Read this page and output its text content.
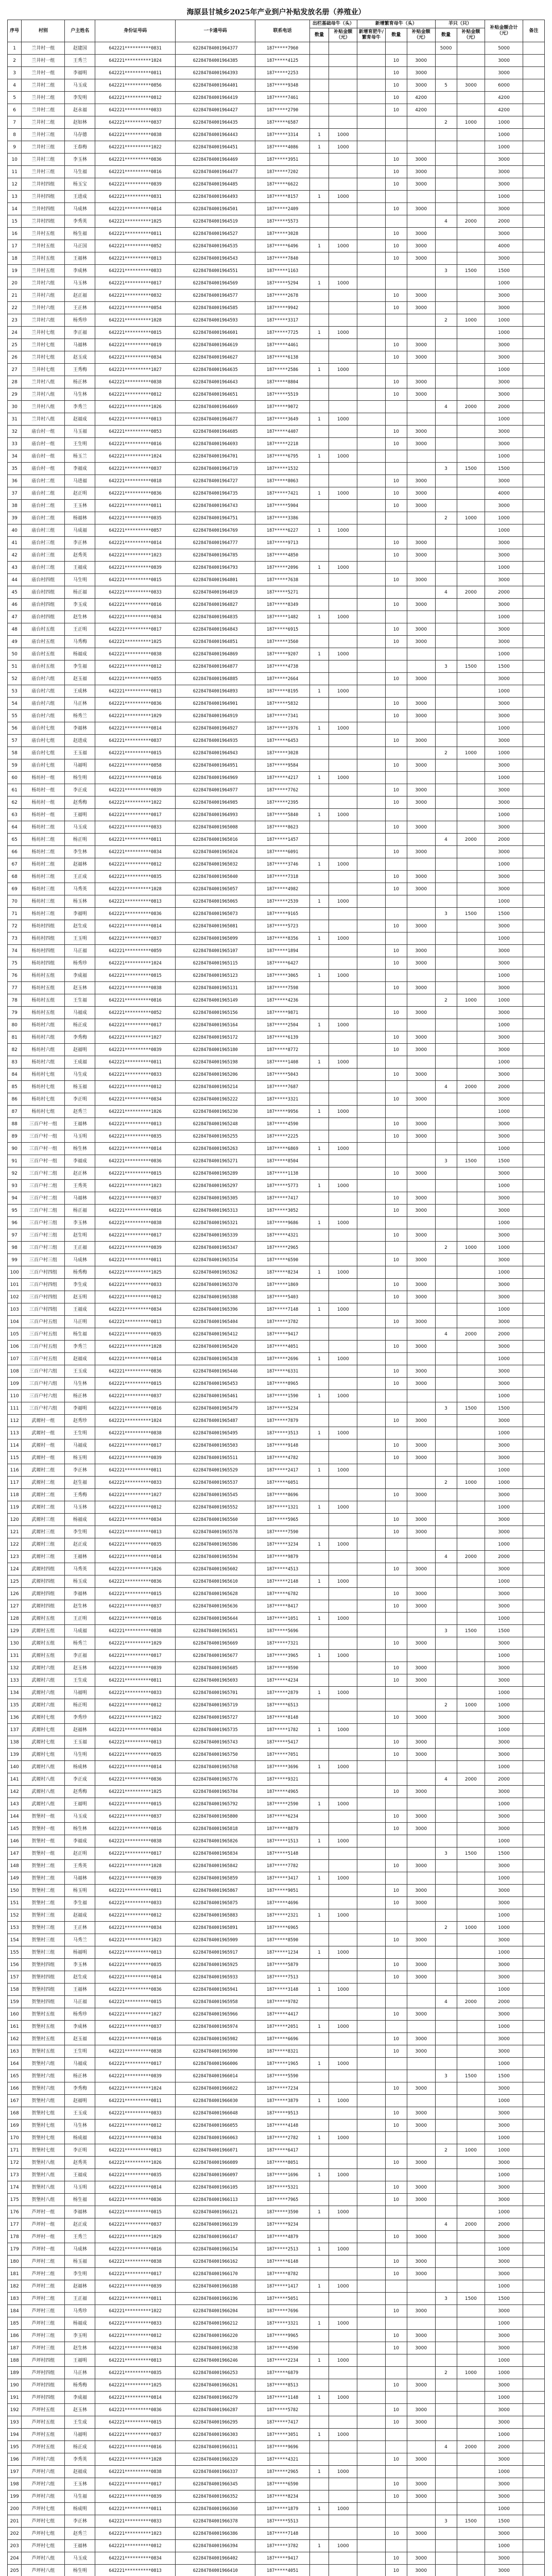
海原县甘城乡2025年产业到户补贴发放名册（养殖业）
序号	村别	户主姓名	身份证号码	一卡通号码	联系电话	出栏基础母牛（头）		新增繁育母牛（头）			羊只（只）		补贴金额合计（元）	备注
						数量	补贴金额（元）	新增育肥牛/繁育母牛	数量	补贴金额（元）	数量	补贴金额（元）		
1	兰井村一组	赵建国	642221**********0831	62284784001964377	187*****7960						5000		5000	
2	兰井村一组	王秀兰	642221**********1024	62284784001964385	187*****4125				10	3000			3000	
3	兰井村一组	李福明	642221**********0811	62284784001964393	187*****2253				10	3000			3000	
4	兰井村二组	马玉成	642221**********0856	62284784001964401	187*****9348				10	3000	5	3000	6000	
5	兰井村二组	李发明	642221**********0812	62284784001964419	187*****7461				10	4200			4200	
6	兰井村二组	赵永福	642221**********0833	62284784001964427	187*****2790				10	4200			4200	
7	兰井村二组	赵如林	642221**********0837	62284784001964435	187*****6587						2	1000	1000	
8	兰井村三组	马存德	642221**********0838	62284784001964443	187*****3314	1	1000						1000	
9	兰井村三组	王春梅	642221**********1022	62284784001964451	187*****4086	1	1000						1000	
10	兰井村三组	李玉林	642221**********0836	62284784001964469	187*****3951				10	3000			3000	
11	兰井村三组	马生福	642221**********0816	62284784001964477	187*****7202				10	3000			3000	
12	兰井村四组	杨玉宝	642221**********0839	62284784001964485	187*****6622				10	3000			3000	
13	兰井村四组	王进成	642221**********0831	62284784001964493	187*****8157	1	1000						1000	
14	兰井村四组	马成林	642221**********0814	62284784001964501	187*****2409				10	3000			3000	
15	兰井村四组	李秀英	642221**********1025	62284784001964519	187*****5573						4	2000	2000	
16	兰井村五组	杨生福	642221**********0811	62284784001964527	187*****3028				10	3000			3000	
17	兰井村五组	马正国	642221**********0852	62284784001964535	187*****6496	1	1000		10	3000			4000	
18	兰井村五组	王福林	642221**********0813	62284784001964543	187*****7840				10	3000			3000	
19	兰井村五组	李成林	642221**********0833	62284784001964551	187*****1163						3	1500	1500	
20	兰井村六组	马玉林	642221**********0817	62284784001964569	187*****5294	1	1000						1000	
21	兰井村六组	赵正福	642221**********0832	62284784001964577	187*****2678				10	3000			3000	
22	兰井村六组	王正林	642221**********0854	62284784001964585	187*****9942				10	3000			3000	
23	兰井村六组	杨秀珍	642221**********1028	62284784001964593	187*****3317						2	1000	1000	
24	兰井村七组	李正福	642221**********0815	62284784001964601	187*****7725	1	1000						1000	
25	兰井村七组	马福林	642221**********0819	62284784001964619	187*****4461				10	3000			3000	
26	兰井村七组	赵玉成	642221**********0834	62284784001964627	187*****6138				10	3000			3000	
27	兰井村七组	王秀梅	642221**********1027	62284784001964635	187*****2586	1	1000						1000	
28	兰井村八组	杨正林	642221**********0838	62284784001964643	187*****8804				10	3000			3000	
29	兰井村八组	马生林	642221**********0812	62284784001964651	187*****5519				10	3000			3000	
30	兰井村八组	李秀兰	642221**********1026	62284784001964669	187*****9072						4	2000	2000	
31	兰井村八组	赵福成	642221**********0813	62284784001964677	187*****3649	1	1000						1000	
32	庙台村一组	马玉福	642221**********0853	62284784001964685	187*****4407				10	3000			3000	
33	庙台村一组	王生明	642221**********0816	62284784001964693	187*****2218				10	3000			3000	
34	庙台村一组	杨玉兰	642221**********1024	62284784001964701	187*****6795	1	1000						1000	
35	庙台村一组	李福成	642221**********0837	62284784001964719	187*****1532						3	1500	1500	
36	庙台村二组	马进福	642221**********0818	62284784001964727	187*****8063				10	3000			3000	
37	庙台村二组	赵正明	642221**********0836	62284784001964735	187*****7421	1	1000		10	3000			4000	
38	庙台村二组	王玉林	642221**********0811	62284784001964743	187*****5904				10	3000			3000	
39	庙台村二组	杨福林	642221**********0835	62284784001964751	187*****3386						2	1000	1000	
40	庙台村三组	马成福	642221**********0857	62284784001964769	187*****6227	1	1000						1000	
41	庙台村三组	李正林	642221**********0814	62284784001964777	187*****9713				10	3000			3000	
42	庙台村三组	赵秀英	642221**********1023	62284784001964785	187*****4850				10	3000			3000	
43	庙台村三组	王福成	642221**********0839	62284784001964793	187*****2096	1	1000						1000	
44	庙台村四组	马生明	642221**********0815	62284784001964801	187*****7638				10	3000			3000	
45	庙台村四组	杨正福	642221**********0833	62284784001964819	187*****5271						4	2000	2000	
46	庙台村四组	李玉成	642221**********0816	62284784001964827	187*****8349				10	3000			3000	
47	庙台村四组	赵生林	642221**********0834	62284784001964835	187*****1482	1	1000						1000	
48	庙台村五组	王正明	642221**********0817	62284784001964843	187*****6915				10	3000			3000	
49	庙台村五组	马秀梅	642221**********1025	62284784001964851	187*****3560				10	3000			3000	
50	庙台村五组	杨福成	642221**********0838	62284784001964869	187*****9207	1	1000						1000	
51	庙台村五组	李生福	642221**********0812	62284784001964877	187*****4738						3	1500	1500	
52	庙台村六组	赵玉福	642221**********0855	62284784001964885	187*****2664				10	3000			3000	
53	庙台村六组	王成林	642221**********0813	62284784001964893	187*****8195	1	1000						1000	
54	庙台村六组	马正林	642221**********0836	62284784001964901	187*****5832				10	3000			3000	
55	庙台村六组	杨秀兰	642221**********1029	62284784001964919	187*****7341				10	3000			3000	
56	庙台村七组	李福林	642221**********0814	62284784001964927	187*****1976	1	1000						1000	
57	庙台村七组	赵进成	642221**********0837	62284784001964935	187*****6453				10	3000			3000	
58	庙台村七组	王玉福	642221**********0815	62284784001964943	187*****3028						2	1000	1000	
59	庙台村七组	马福明	642221**********0858	62284784001964951	187*****9584				10	3000			3000	
60	杨坊村一组	杨生明	642221**********0816	62284784001964969	187*****4217	1	1000						1000	
61	杨坊村一组	李正成	642221**********0839	62284784001964977	187*****7762				10	3000			3000	
62	杨坊村一组	赵秀梅	642221**********1022	62284784001964985	187*****2395				10	3000			3000	
63	杨坊村一组	王福明	642221**********0817	62284784001964993	187*****5840	1	1000						1000	
64	杨坊村二组	马玉成	642221**********0833	62284784001965008	187*****8623				10	3000			3000	
65	杨坊村二组	杨正明	642221**********0811	62284784001965016	187*****1457						4	2000	2000	
66	杨坊村二组	李生林	642221**********0834	62284784001965024	187*****6091				10	3000			3000	
67	杨坊村二组	赵福林	642221**********0812	62284784001965032	187*****3746	1	1000						1000	
68	杨坊村三组	王正成	642221**********0835	62284784001965040	187*****7318				10	3000			3000	
69	杨坊村三组	马秀英	642221**********1028	62284784001965057	187*****4982				10	3000			3000	
70	杨坊村三组	杨玉林	642221**********0813	62284784001965065	187*****2539	1	1000						1000	
71	杨坊村三组	李福明	642221**********0836	62284784001965073	187*****9165						3	1500	1500	
72	杨坊村四组	赵生成	642221**********0814	62284784001965081	187*****5723				10	3000			3000	
73	杨坊村四组	王玉明	642221**********0837	62284784001965099	187*****8356	1	1000						1000	
74	杨坊村四组	马正福	642221**********0859	62284784001965107	187*****1894				10	3000			3000	
75	杨坊村四组	杨秀珍	642221**********1024	62284784001965115	187*****6427				10	3000			3000	
76	杨坊村五组	李成福	642221**********0815	62284784001965123	187*****3065	1	1000						1000	
77	杨坊村五组	赵玉林	642221**********0838	62284784001965131	187*****7598				10	3000			3000	
78	杨坊村五组	王生福	642221**********0816	62284784001965149	187*****4236						2	1000	1000	
79	杨坊村五组	马福成	642221**********0852	62284784001965156	187*****9871				10	3000			3000	
80	杨坊村六组	杨正成	642221**********0817	62284784001965164	187*****2504	1	1000						1000	
81	杨坊村六组	李秀梅	642221**********1027	62284784001965172	187*****6139				10	3000			3000	
82	杨坊村六组	赵福明	642221**********0839	62284784001965180	187*****8772				10	3000			3000	
83	杨坊村六组	王成福	642221**********0811	62284784001965198	187*****1408	1	1000						1000	
84	杨坊村七组	马生成	642221**********0833	62284784001965206	187*****5043				10	3000			3000	
85	杨坊村七组	杨玉福	642221**********0812	62284784001965214	187*****7687						4	2000	2000	
86	杨坊村七组	李正明	642221**********0834	62284784001965222	187*****3321				10	3000			3000	
87	杨坊村七组	赵秀兰	642221**********1026	62284784001965230	187*****9956	1	1000						1000	
88	三百户村一组	王福林	642221**********0813	62284784001965248	187*****4590				10	3000			3000	
89	三百户村一组	马玉明	642221**********0835	62284784001965255	187*****2225				10	3000			3000	
90	三百户村一组	杨生林	642221**********0814	62284784001965263	187*****6869	1	1000						1000	
91	三百户村一组	李福成	642221**********0836	62284784001965271	187*****8504						3	1500	1500	
92	三百户村二组	赵正林	642221**********0815	62284784001965289	187*****1138				10	3000			3000	
93	三百户村二组	王秀英	642221**********1023	62284784001965297	187*****5773	1	1000						1000	
94	三百户村二组	马福林	642221**********0837	62284784001965305	187*****7417				10	3000			3000	
95	三百户村二组	杨正福	642221**********0816	62284784001965313	187*****3052				10	3000			3000	
96	三百户村三组	李玉林	642221**********0838	62284784001965321	187*****9686	1	1000						1000	
97	三百户村三组	赵生明	642221**********0817	62284784001965339	187*****4321				10	3000			3000	
98	三百户村三组	王正福	642221**********0839	62284784001965347	187*****2965						2	1000	1000	
99	三百户村三组	马成林	642221**********0811	62284784001965354	187*****6590				10	3000			3000	
100	三百户村四组	杨秀梅	642221**********1025	62284784001965362	187*****8234	1	1000						1000	
101	三百户村四组	李生成	642221**********0833	62284784001965370	187*****1869				10	3000			3000	
102	三百户村四组	赵玉明	642221**********0812	62284784001965388	187*****5403				10	3000			3000	
103	三百户村四组	王福成	642221**********0834	62284784001965396	187*****7148	1	1000						1000	
104	三百户村五组	马正明	642221**********0813	62284784001965404	187*****3782				10	3000			3000	
105	三百户村五组	杨生福	642221**********0835	62284784001965412	187*****9417						4	2000	2000	
106	三百户村五组	李秀兰	642221**********1028	62284784001965420	187*****4051				10	3000			3000	
107	三百户村五组	赵福成	642221**********0814	62284784001965438	187*****2696	1	1000						1000	
108	三百户村六组	王玉成	642221**********0836	62284784001965446	187*****6331				10	3000			3000	
109	三百户村六组	马生林	642221**********0815	62284784001965453	187*****8965				10	3000			3000	
110	三百户村六组	杨正林	642221**********0837	62284784001965461	187*****1590	1	1000						1000	
111	三百户村六组	李福明	642221**********0816	62284784001965479	187*****5234						3	1500	1500	
112	武塬村一组	赵秀珍	642221**********1024	62284784001965487	187*****7879				10	3000			3000	
113	武塬村一组	王生明	642221**********0838	62284784001965495	187*****3513	1	1000						1000	
114	武塬村一组	马福成	642221**********0817	62284784001965503	187*****9148				10	3000			3000	
115	武塬村一组	杨玉明	642221**********0839	62284784001965511	187*****4782				10	3000			3000	
116	武塬村二组	李正林	642221**********0811	62284784001965529	187*****2417	1	1000						1000	
117	武塬村二组	赵生福	642221**********0833	62284784001965537	187*****6051						2	1000	1000	
118	武塬村二组	王秀梅	642221**********1027	62284784001965545	187*****8696				10	3000			3000	
119	武塬村二组	马玉林	642221**********0812	62284784001965552	187*****1321	1	1000						1000	
120	武塬村三组	杨福成	642221**********0834	62284784001965560	187*****5965				10	3000			3000	
121	武塬村三组	李生明	642221**********0813	62284784001965578	187*****7590				10	3000			3000	
122	武塬村三组	赵正成	642221**********0835	62284784001965586	187*****3234	1	1000						1000	
123	武塬村三组	王福林	642221**********0814	62284784001965594	187*****9879						4	2000	2000	
124	武塬村四组	马秀英	642221**********1026	62284784001965602	187*****4513				10	3000			3000	
125	武塬村四组	杨玉成	642221**********0836	62284784001965610	187*****2148	1	1000						1000	
126	武塬村四组	李福林	642221**********0815	62284784001965628	187*****6782				10	3000			3000	
127	武塬村四组	赵生林	642221**********0837	62284784001965636	187*****8417				10	3000			3000	
128	武塬村五组	王正明	642221**********0816	62284784001965644	187*****1051	1	1000						1000	
129	武塬村五组	马成福	642221**********0838	62284784001965651	187*****5696						3	1500	1500	
130	武塬村五组	杨秀兰	642221**********1029	62284784001965669	187*****7321				10	3000			3000	
131	武塬村五组	李正福	642221**********0817	62284784001965677	187*****3965	1	1000						1000	
132	武塬村六组	赵玉林	642221**********0839	62284784001965685	187*****9590				10	3000			3000	
133	武塬村六组	王生成	642221**********0811	62284784001965693	187*****4234				10	3000			3000	
134	武塬村六组	马福明	642221**********0833	62284784001965701	187*****2879	1	1000						1000	
135	武塬村六组	杨正明	642221**********0812	62284784001965719	187*****6513						2	1000	1000	
136	武塬村七组	李秀珍	642221**********1022	62284784001965727	187*****8148				10	3000			3000	
137	武塬村七组	赵福林	642221**********0834	62284784001965735	187*****1782	1	1000						1000	
138	武塬村七组	王玉福	642221**********0813	62284784001965743	187*****5417				10	3000			3000	
139	武塬村七组	马生明	642221**********0835	62284784001965750	187*****7051				10	3000			3000	
140	武塬村八组	杨成林	642221**********0814	62284784001965768	187*****3696	1	1000						1000	
141	武塬村八组	李正成	642221**********0836	62284784001965776	187*****9321						4	2000	2000	
142	武塬村八组	赵秀梅	642221**********1025	62284784001965784	187*****4965				10	3000			3000	
143	武塬村八组	王福明	642221**********0815	62284784001965792	187*****2590	1	1000						1000	
144	贺堡村一组	马玉成	642221**********0837	62284784001965800	187*****6234				10	3000			3000	
145	贺堡村一组	杨生林	642221**********0816	62284784001965818	187*****8879				10	3000			3000	
146	贺堡村一组	李福成	642221**********0838	62284784001965826	187*****1513	1	1000						1000	
147	贺堡村一组	赵正明	642221**********0817	62284784001965834	187*****5148						3	1500	1500	
148	贺堡村二组	王秀英	642221**********1028	62284784001965842	187*****7782				10	3000			3000	
149	贺堡村二组	马福林	642221**********0839	62284784001965859	187*****3417	1	1000						1000	
150	贺堡村二组	杨玉明	642221**********0811	62284784001965867	187*****9051				10	3000			3000	
151	贺堡村二组	李生福	642221**********0833	62284784001965875	187*****4696				10	3000			3000	
152	贺堡村三组	赵福成	642221**********0812	62284784001965883	187*****2321	1	1000						1000	
153	贺堡村三组	王正林	642221**********0834	62284784001965891	187*****6965						2	1000	1000	
154	贺堡村三组	马秀兰	642221**********1023	62284784001965909	187*****8590				10	3000			3000	
155	贺堡村三组	杨福明	642221**********0813	62284784001965917	187*****1234	1	1000						1000	
156	贺堡村四组	李玉林	642221**********0835	62284784001965925	187*****5879				10	3000			3000	
157	贺堡村四组	赵生成	642221**********0814	62284784001965933	187*****7513				10	3000			3000	
158	贺堡村四组	王福林	642221**********0836	62284784001965941	187*****3148	1	1000						1000	
159	贺堡村四组	马正福	642221**********0815	62284784001965958	187*****9782						4	2000	2000	
160	贺堡村五组	杨秀珍	642221**********1027	62284784001965966	187*****4417				10	3000			3000	
161	贺堡村五组	李成林	642221**********0837	62284784001965974	187*****2051	1	1000						1000	
162	贺堡村五组	赵玉福	642221**********0816	62284784001965982	187*****6696				10	3000			3000	
163	贺堡村五组	王生明	642221**********0838	62284784001965990	187*****8321				10	3000			3000	
164	贺堡村六组	马福成	642221**********0817	62284784001966006	187*****1965	1	1000						1000	
165	贺堡村六组	杨正林	642221**********0839	62284784001966014	187*****5590						3	1500	1500	
166	贺堡村六组	李秀梅	642221**********1024	62284784001966022	187*****7234				10	3000			3000	
167	贺堡村六组	赵福明	642221**********0811	62284784001966030	187*****3879	1	1000						1000	
168	贺堡村七组	王玉成	642221**********0833	62284784001966048	187*****9513				10	3000			3000	
169	贺堡村七组	马生林	642221**********0812	62284784001966055	187*****4148				10	3000			3000	
170	贺堡村七组	杨成福	642221**********0834	62284784001966063	187*****2782	1	1000						1000	
171	贺堡村七组	李正明	642221**********0813	62284784001966071	187*****6417						2	1000	1000	
172	贺堡村八组	赵秀英	642221**********1026	62284784001966089	187*****8051				10	3000			3000	
173	贺堡村八组	王福成	642221**********0835	62284784001966097	187*****1696	1	1000						1000	
174	贺堡村八组	马玉明	642221**********0814	62284784001966105	187*****5321				10	3000			3000	
175	贺堡村八组	杨生福	642221**********0836	62284784001966113	187*****7965				10	3000			3000	
176	芦坪村一组	李福林	642221**********0815	62284784001966121	187*****3590	1	1000						1000	
177	芦坪村一组	赵正成	642221**********0837	62284784001966139	187*****9234						4	2000	2000	
178	芦坪村一组	王秀兰	642221**********1029	62284784001966147	187*****4879				10	3000			3000	
179	芦坪村一组	马成林	642221**********0816	62284784001966154	187*****2513	1	1000						1000	
180	芦坪村二组	杨玉福	642221**********0838	62284784001966162	187*****6148				10	3000			3000	
181	芦坪村二组	李生明	642221**********0817	62284784001966170	187*****8782				10	3000			3000	
182	芦坪村二组	赵福林	642221**********0839	62284784001966188	187*****1417	1	1000						1000	
183	芦坪村二组	王正福	642221**********0811	62284784001966196	187*****5051						3	1500	1500	
184	芦坪村三组	马秀珍	642221**********1022	62284784001966204	187*****7696				10	3000			3000	
185	芦坪村三组	杨福成	642221**********0833	62284784001966212	187*****3321	1	1000						1000	
186	芦坪村三组	李玉明	642221**********0812	62284784001966220	187*****9965				10	3000			3000	
187	芦坪村三组	赵生林	642221**********0834	62284784001966238	187*****4590				10	3000			3000	
188	芦坪村四组	王福明	642221**********0813	62284784001966246	187*****2234	1	1000						1000	
189	芦坪村四组	马正林	642221**********0835	62284784001966253	187*****6879						2	1000	1000	
190	芦坪村四组	杨秀梅	642221**********1025	62284784001966261	187*****8513				10	3000			3000	
191	芦坪村四组	李成福	642221**********0814	62284784001966279	187*****1148	1	1000						1000	
192	芦坪村五组	赵玉林	642221**********0836	62284784001966287	187*****5782				10	3000			3000	
193	芦坪村五组	王生成	642221**********0815	62284784001966295	187*****7417				10	3000			3000	
194	芦坪村五组	马福明	642221**********0837	62284784001966303	187*****3051	1	1000						1000	
195	芦坪村五组	杨正成	642221**********0816	62284784001966311	187*****9696						4	2000	2000	
196	芦坪村六组	李秀英	642221**********1028	62284784001966329	187*****4321				10	3000			3000	
197	芦坪村六组	赵福成	642221**********0838	62284784001966337	187*****2965	1	1000						1000	
198	芦坪村六组	王玉林	642221**********0817	62284784001966345	187*****6590				10	3000			3000	
199	芦坪村六组	马生福	642221**********0839	62284784001966352	187*****8234				10	3000			3000	
200	芦坪村七组	杨成明	642221**********0811	62284784001966360	187*****1879	1	1000						1000	
201	芦坪村七组	李正林	642221**********0833	62284784001966378	187*****5513						3	1500	1500	
202	芦坪村七组	赵秀兰	642221**********1023	62284784001966386	187*****7148				10	3000			3000	
203	芦坪村七组	王福林	642221**********0812	62284784001966394	187*****3782	1	1000						1000	
204	芦坪村八组	马玉成	642221**********0834	62284784001966402	187*****9417				10	3000			3000	
205	芦坪村八组	杨生明	642221**********0813	62284784001966410	187*****4051				10	3000			3000	
